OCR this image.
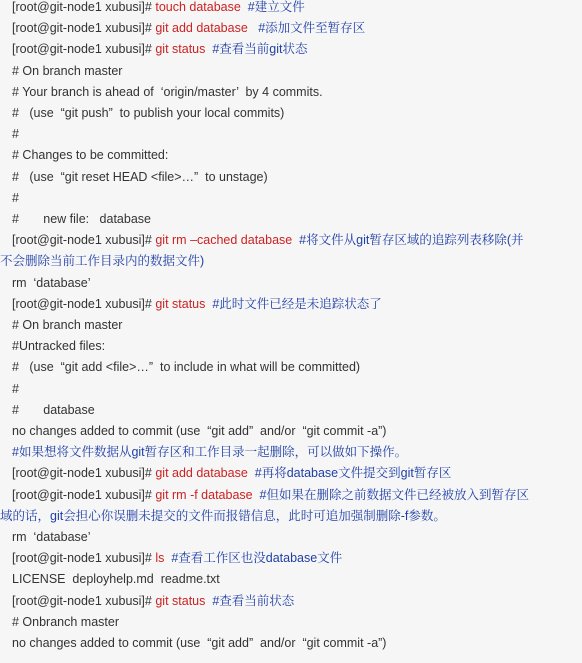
[root@git-node1 xubusi]# touch database  #建立文件
[root@git-node1 xubusi]# git add database   #添加文件至暂存区
[root@git-node1 xubusi]# git status  #查看当前git状态
# On branch master
# Your branch is ahead of  ‘origin/master’  by 4 commits.
#   (use  “git push”  to publish your local commits)
#
# Changes to be committed:
#   (use  “git reset HEAD <file>…”  to unstage)
#
#       new file:   database
[root@git-node1 xubusi]# git rm –cached database  #将文件从git暂存区域的追踪列表移除(并
不会删除当前工作目录内的数据文件)
rm  ‘database’
[root@git-node1 xubusi]# git status  #此时文件已经是未追踪状态了
# On branch master
#Untracked files:
#   (use  “git add <file>…”  to include in what will be committed)
#
#       database
no changes added to commit (use  “git add”  and/or  “git commit -a”)
#如果想将文件数据从git暂存区和工作目录一起删除，可以做如下操作。
[root@git-node1 xubusi]# git add database  #再将database文件提交到git暂存区
[root@git-node1 xubusi]# git rm -f database  #但如果在删除之前数据文件已经被放入到暂存区
域的话，git会担心你误删未提交的文件而报错信息，此时可追加强制删除-f参数。
rm  ‘database’
[root@git-node1 xubusi]# ls  #查看工作区也没database文件
LICENSE  deployhelp.md  readme.txt
[root@git-node1 xubusi]# git status  #查看当前状态
# Onbranch master
no changes added to commit (use  “git add”  and/or  “git commit -a”)
